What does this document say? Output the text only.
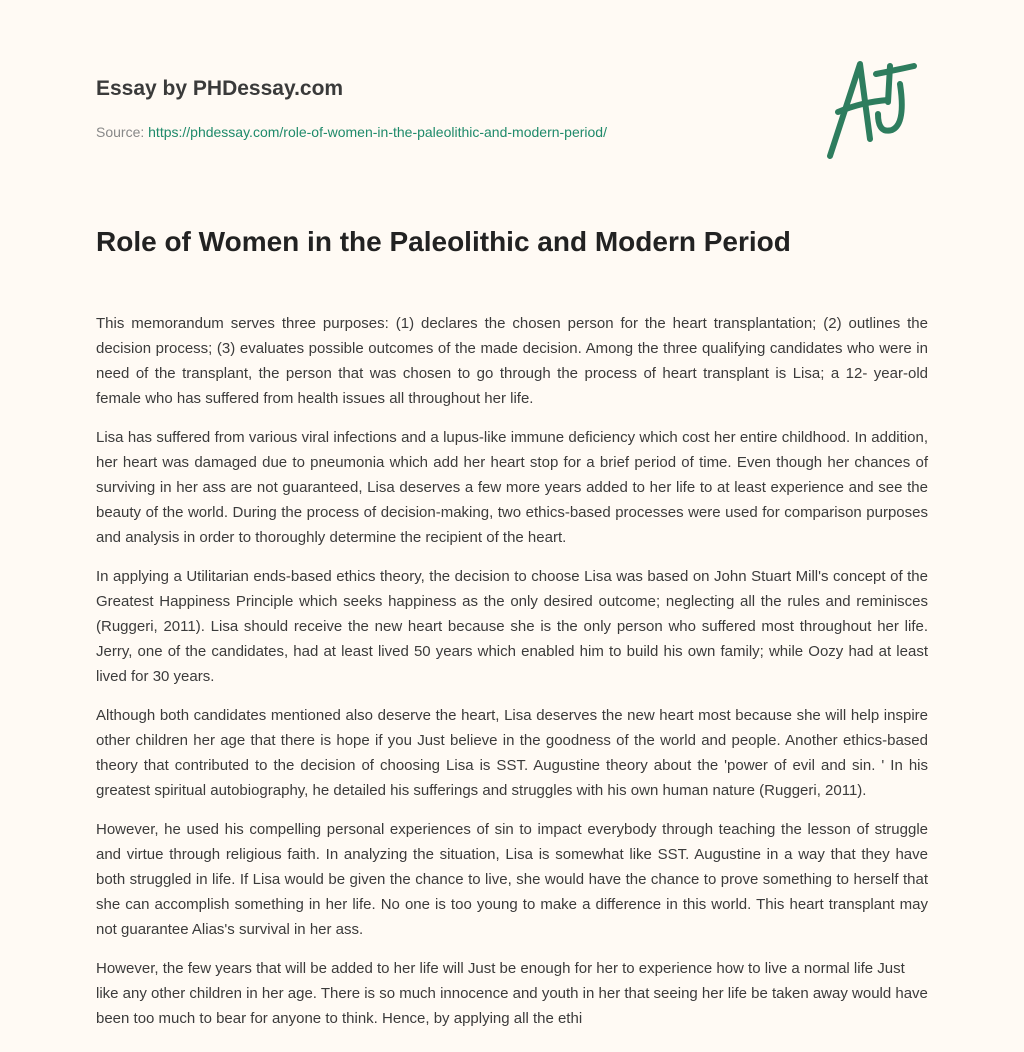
Essay by PHDessay.com
Source: https://phdessay.com/role-of-women-in-the-paleolithic-and-modern-period/
Role of Women in the Paleolithic and Modern Period

This memorandum serves three purposes: (1) declares the chosen person for the heart transplantation; (2) outlines the decision process; (3) evaluates possible outcomes of the made decision. Among the three qualifying candidates who were in need of the transplant, the person that was chosen to go through the process of heart transplant is Lisa; a 12- year-old female who has suffered from health issues all throughout her life.

Lisa has suffered from various viral infections and a lupus-like immune deficiency which cost her entire childhood. In addition, her heart was damaged due to pneumonia which add her heart stop for a brief period of time. Even though her chances of surviving in her ass are not guaranteed, Lisa deserves a few more years added to her life to at least experience and see the beauty of the world. During the process of decision-making, two ethics-based processes were used for comparison purposes and analysis in order to thoroughly determine the recipient of the heart.

In applying a Utilitarian ends-based ethics theory, the decision to choose Lisa was based on John Stuart Mill's concept of the Greatest Happiness Principle which seeks happiness as the only desired outcome; neglecting all the rules and reminisces (Ruggeri, 2011). Lisa should receive the new heart because she is the only person who suffered most throughout her life. Jerry, one of the candidates, had at least lived 50 years which enabled him to build his own family; while Oozy had at least lived for 30 years.

Although both candidates mentioned also deserve the heart, Lisa deserves the new heart most because she will help inspire other children her age that there is hope if you Just believe in the goodness of the world and people. Another ethics-based theory that contributed to the decision of choosing Lisa is SST. Augustine theory about the 'power of evil and sin. ' In his greatest spiritual autobiography, he detailed his sufferings and struggles with his own human nature (Ruggeri, 2011).

However, he used his compelling personal experiences of sin to impact everybody through teaching the lesson of struggle and virtue through religious faith. In analyzing the situation, Lisa is somewhat like SST. Augustine in a way that they have both struggled in life. If Lisa would be given the chance to live, she would have the chance to prove something to herself that she can accomplish something in her life. No one is too young to make a difference in this world. This heart transplant may not guarantee Alias's survival in her ass.

However, the few years that will be added to her life will Just be enough for her to experience how to live a normal life Just like any other children in her age. There is so much innocence and youth in her that seeing her life be taken away would have been too much to bear for anyone to think. Hence, by applying all the ethi
